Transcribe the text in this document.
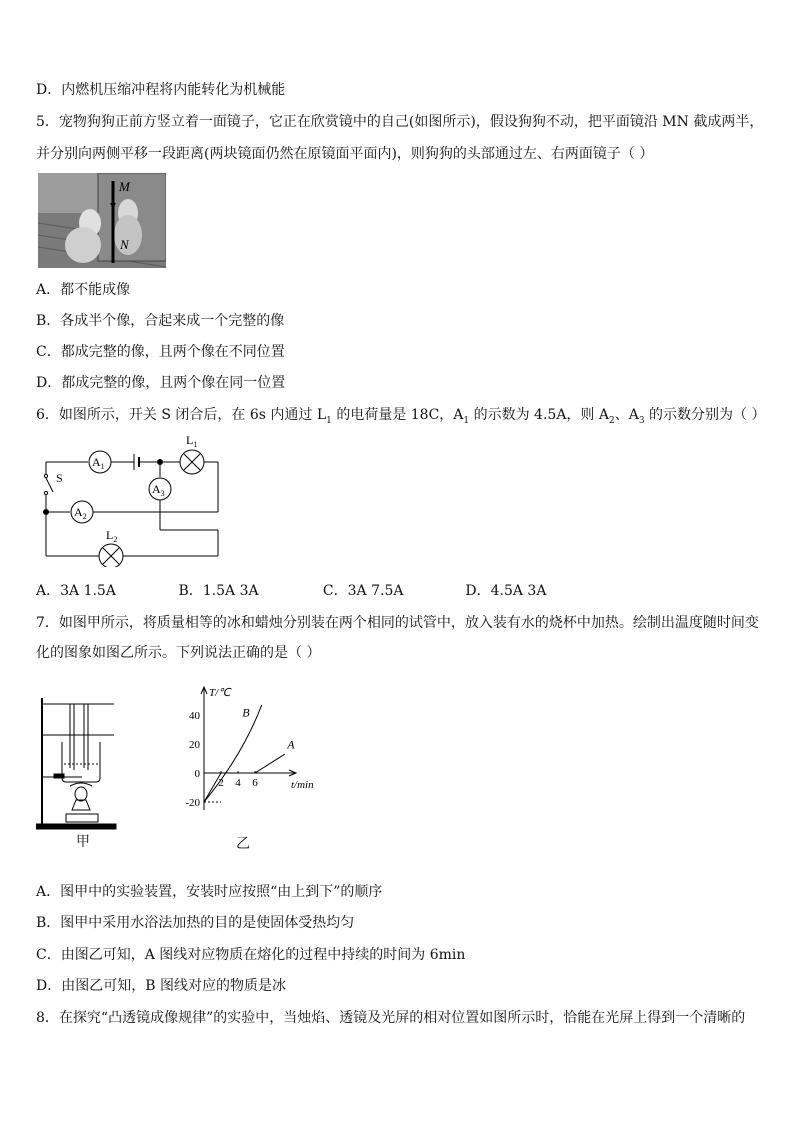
D．内燃机压缩冲程将内能转化为机械能
5．宠物狗狗正前方竖立着一面镜子，它正在欣赏镜中的自己(如图所示)，假设狗狗不动，把平面镜沿 MN 截成两半，
并分别向两侧平移一段距离(两块镜面仍然在原镜面平面内)，则狗狗的头部通过左、右两面镜子（ ）
M
N
A．都不能成像
B．各成半个像，合起来成一个完整的像
C．都成完整的像，且两个像在不同位置
D．都成完整的像，且两个像在同一位置
6．如图所示，开关 S 闭合后，在 6s 内通过 $L_1$ 的电荷量是 18C，$A_1$ 的示数为 4.5A，则 $A_2$、$A_3$ 的示数分别为（ ）
$A_1$
$A_2$
$A_3$
S
$L_1$
$L_2$
A．3A 1.5A	B．1.5A 3A	C．3A 7.5A	D．4.5A 3A
7．如图甲所示，将质量相等的冰和蜡烛分别装在两个相同的试管中，放入装有水的烧杯中加热。绘制出温度随时间变
化的图象如图乙所示。下列说法正确的是（ ）
T/℃
t/min
40
20
0
-20
2 4 6
A
B
甲	乙
A．图甲中的实验装置，安装时应按照“由上到下”的顺序
B．图甲中采用水浴法加热的目的是使固体受热均匀
C．由图乙可知，A 图线对应物质在熔化的过程中持续的时间为 6min
D．由图乙可知，B 图线对应的物质是冰
8．在探究“凸透镜成像规律”的实验中，当烛焰、透镜及光屏的相对位置如图所示时，恰能在光屏上得到一个清晰的
